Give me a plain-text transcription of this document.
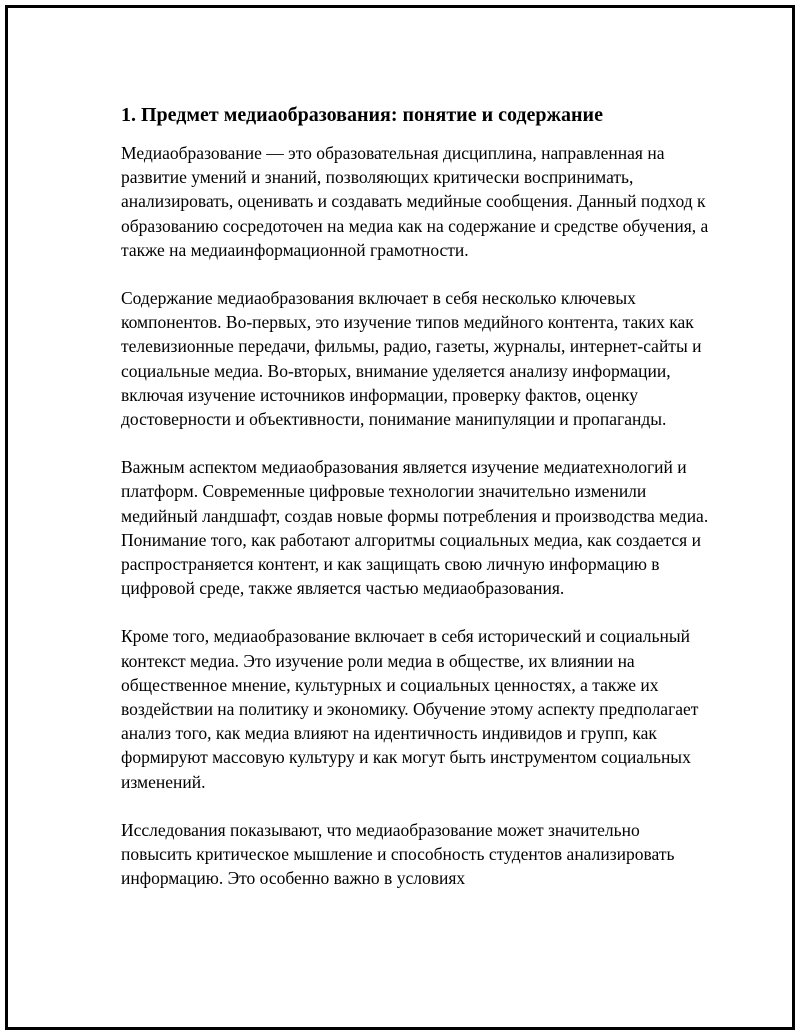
1. Предмет медиаобразования: понятие и содержание

Медиаобразование — это образовательная дисциплина, направленная на развитие умений и знаний, позволяющих критически воспринимать, анализировать, оценивать и создавать медийные сообщения. Данный подход к образованию сосредоточен на медиа как на содержание и средстве обучения, а также на медиаинформационной грамотности.

Содержание медиаобразования включает в себя несколько ключевых компонентов. Во-первых, это изучение типов медийного контента, таких как телевизионные передачи, фильмы, радио, газеты, журналы, интернет-сайты и социальные медиа. Во-вторых, внимание уделяется анализу информации, включая изучение источников информации, проверку фактов, оценку достоверности и объективности, понимание манипуляции и пропаганды.

Важным аспектом медиаобразования является изучение медиатехнологий и платформ. Современные цифровые технологии значительно изменили медийный ландшафт, создав новые формы потребления и производства медиа. Понимание того, как работают алгоритмы социальных медиа, как создается и распространяется контент, и как защищать свою личную информацию в цифровой среде, также является частью медиаобразования.

Кроме того, медиаобразование включает в себя исторический и социальный контекст медиа. Это изучение роли медиа в обществе, их влиянии на общественное мнение, культурных и социальных ценностях, а также их воздействии на политику и экономику. Обучение этому аспекту предполагает анализ того, как медиа влияют на идентичность индивидов и групп, как формируют массовую культуру и как могут быть инструментом социальных изменений.

Исследования показывают, что медиаобразование может значительно повысить критическое мышление и способность студентов анализировать информацию. Это особенно важно в условиях
